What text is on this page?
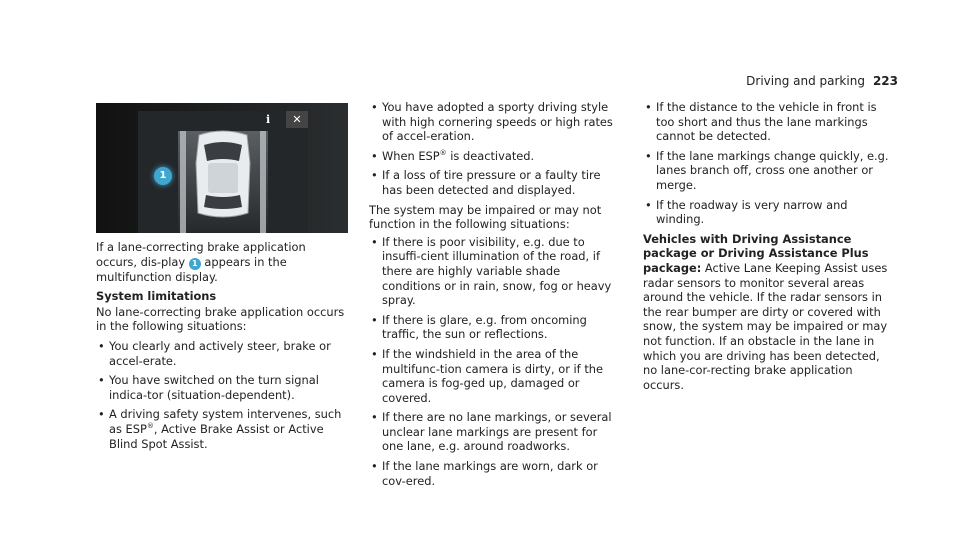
Driving and parking 223
i	✕
1

If a lane-correcting brake application occurs, dis-play 1 appears in the multifunction display.

System limitations

No lane-correcting brake application occurs in the following situations:

• You clearly and actively steer, brake or accel-erate.
• You have switched on the turn signal indica-tor (situation-dependent).
• A driving safety system intervenes, such as ESP®, Active Brake Assist or Active Blind Spot Assist.
• You have adopted a sporty driving style with high cornering speeds or high rates of accel-eration.
• When ESP® is deactivated.
• If a loss of tire pressure or a faulty tire has been detected and displayed.

The system may be impaired or may not function in the following situations:

• If there is poor visibility, e.g. due to insuffi-cient illumination of the road, if there are highly variable shade conditions or in rain, snow, fog or heavy spray.
• If there is glare, e.g. from oncoming traffic, the sun or reflections.
• If the windshield in the area of the multifunc-tion camera is dirty, or if the camera is fog-ged up, damaged or covered.
• If there are no lane markings, or several unclear lane markings are present for one lane, e.g. around roadworks.
• If the lane markings are worn, dark or cov-ered.
• If the distance to the vehicle in front is too short and thus the lane markings cannot be detected.
• If the lane markings change quickly, e.g. lanes branch off, cross one another or merge.
• If the roadway is very narrow and winding.

Vehicles with Driving Assistance package or Driving Assistance Plus package: Active Lane Keeping Assist uses radar sensors to monitor several areas around the vehicle. If the radar sensors in the rear bumper are dirty or covered with snow, the system may be impaired or may not function. If an obstacle in the lane in which you are driving has been detected, no lane-cor-recting brake application occurs.
